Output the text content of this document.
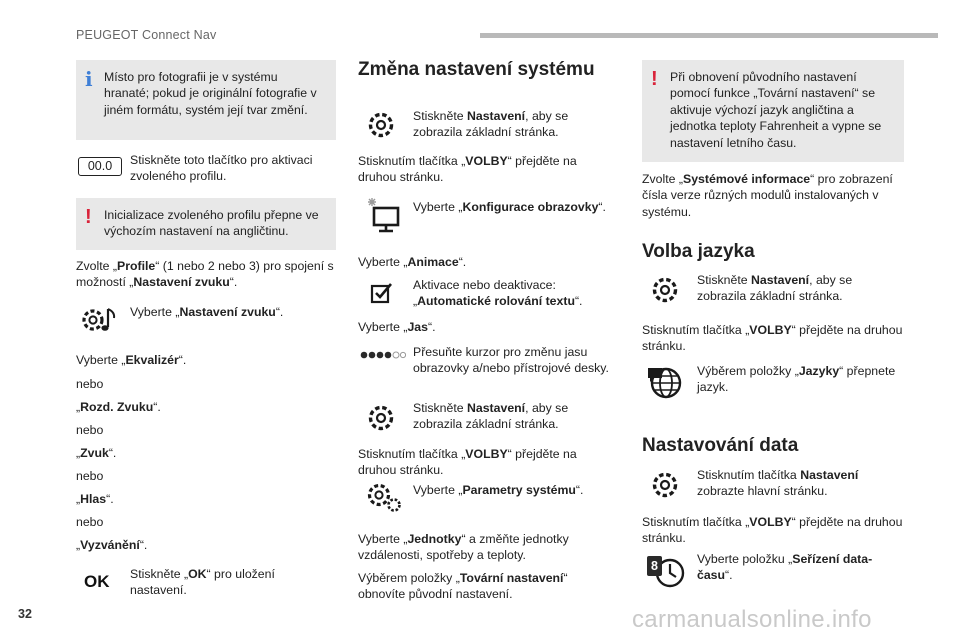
PEUGEOT Connect Nav
i Místo pro fotografii je v systému hranaté; pokud je originální fotografie v jiném formátu, systém její tvar změní.
00.0	Stiskněte toto tlačítko pro aktivaci zvoleného profilu.
! Inicializace zvoleného profilu přepne ve výchozím nastavení na angličtinu.
Zvolte „Profile“ (1 nebo 2 nebo 3) pro spojení s možností „Nastavení zvuku“.
Vyberte „Nastavení zvuku“.
Vyberte „Ekvalizér“.
nebo
„Rozd. Zvuku“.
nebo
„Zvuk“.
nebo
„Hlas“.
nebo
„Vyzvánění“.
OK Stiskněte „OK“ pro uložení nastavení.
Změna nastavení systému
Stiskněte Nastavení, aby se zobrazila základní stránka.
Stisknutím tlačítka „VOLBY“ přejděte na druhou stránku.
Vyberte „Konfigurace obrazovky“.
Vyberte „Animace“.
Aktivace nebo deaktivace: „Automatické rolování textu“.
Vyberte „Jas“.
Přesuňte kurzor pro změnu jasu obrazovky a/nebo přístrojové desky.
Stiskněte Nastavení, aby se zobrazila základní stránka.
Stisknutím tlačítka „VOLBY“ přejděte na druhou stránku.
Vyberte „Parametry systému“.
Vyberte „Jednotky“ a změňte jednotky vzdálenosti, spotřeby a teploty.
Výběrem položky „Tovární nastavení“ obnovíte původní nastavení.
! Při obnovení původního nastavení pomocí funkce „Tovární nastavení“ se aktivuje výchozí jazyk angličtina a jednotka teploty Fahrenheit a vypne se nastavení letního času.
Zvolte „Systémové informace“ pro zobrazení čísla verze různých modulů instalovaných v systému.
Volba jazyka
Stiskněte Nastavení, aby se zobrazila základní stránka.
Stisknutím tlačítka „VOLBY“ přejděte na druhou stránku.
Výběrem položky „Jazyky“ přepnete jazyk.
Nastavování data
Stisknutím tlačítka Nastavení zobrazte hlavní stránku.
Stisknutím tlačítka „VOLBY“ přejděte na druhou stránku.
8	Vyberte položku „Seřízení data-času“.
32	carmanualsonline.info
